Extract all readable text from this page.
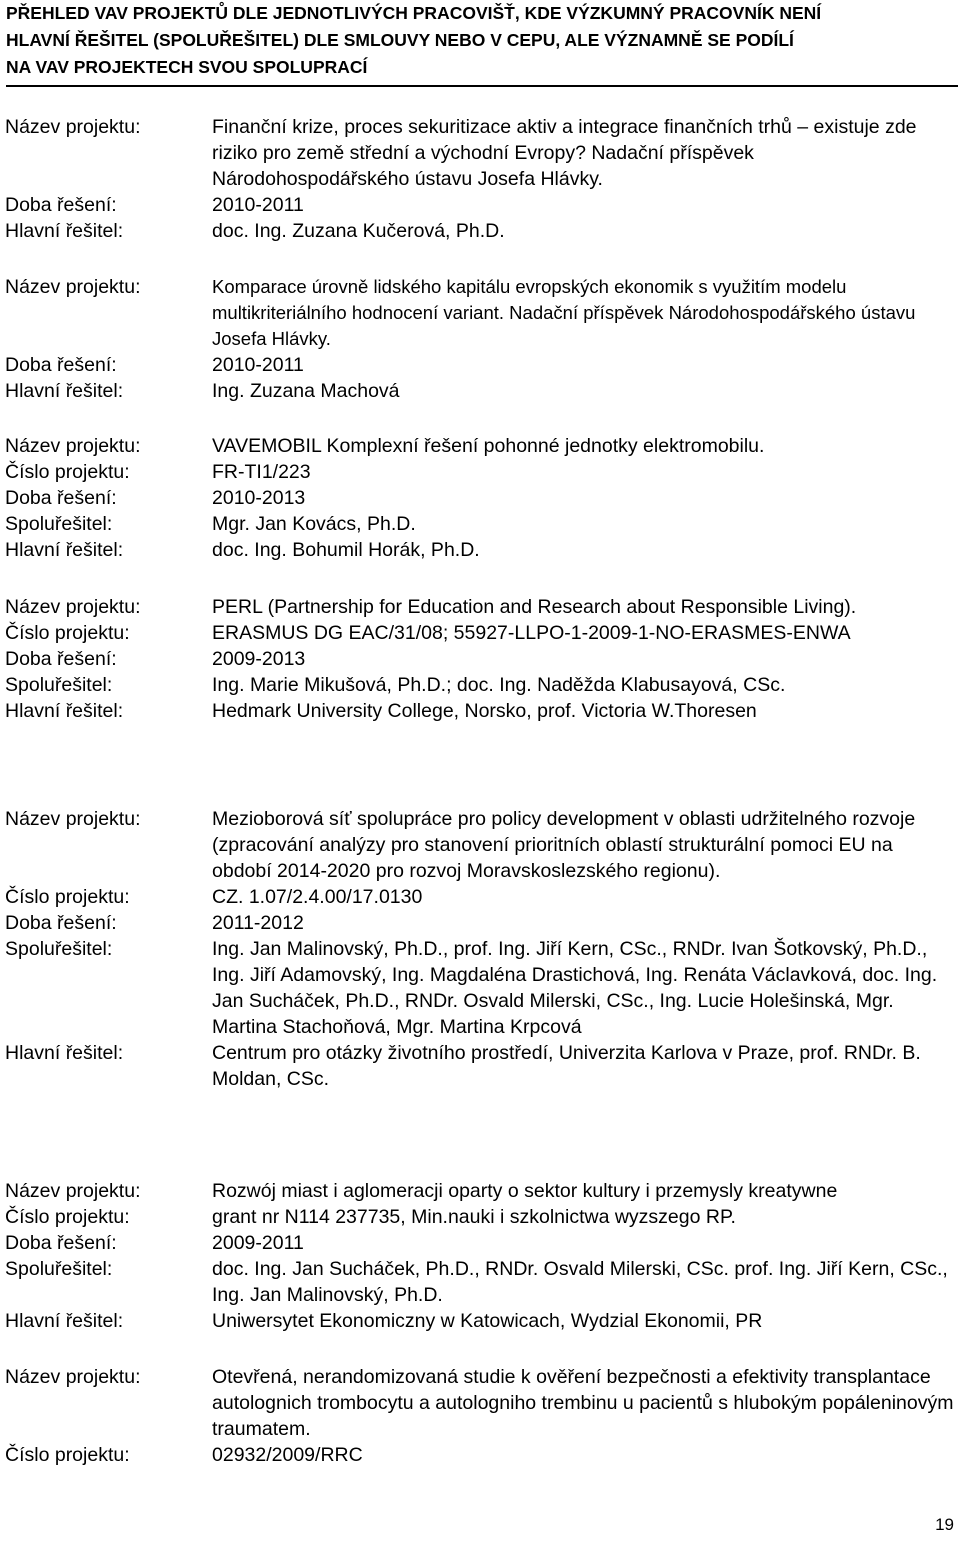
PŘEHLED VAV PROJEKTŮ DLE JEDNOTLIVÝCH PRACOVIŠŤ, KDE VÝZKUMNÝ PRACOVNÍK NENÍ
HLAVNÍ ŘEŠITEL (SPOLUŘEŠITEL) DLE SMLOUVY NEBO V CEPU, ALE VÝZNAMNĚ SE PODÍLÍ
NA VAV PROJEKTECH SVOU SPOLUPRACÍ
Název projektu:	Finanční krize, proces sekuritizace aktiv a integrace finančních trhů – existuje zde riziko pro země střední a východní Evropy? Nadační příspěvek Národohospodářského ústavu Josefa Hlávky.
Doba řešení:	2010-2011
Hlavní řešitel:	doc. Ing. Zuzana Kučerová, Ph.D.
Název projektu:	Komparace úrovně lidského kapitálu evropských ekonomik s využitím modelu multikriteriálního hodnocení variant. Nadační příspěvek Národohospodářského ústavu Josefa Hlávky.
Doba řešení:	2010-2011
Hlavní řešitel:	Ing. Zuzana Machová
Název projektu:	VAVEMOBIL Komplexní řešení pohonné jednotky elektromobilu.
Číslo projektu:	FR-TI1/223
Doba řešení:	2010-2013
Spoluřešitel:	Mgr. Jan Kovács, Ph.D.
Hlavní řešitel:	doc. Ing. Bohumil Horák, Ph.D.
Název projektu:	PERL (Partnership for Education and Research about Responsible Living).
Číslo projektu:	ERASMUS DG EAC/31/08; 55927-LLPO-1-2009-1-NO-ERASMES-ENWA
Doba řešení:	2009-2013
Spoluřešitel:	Ing. Marie Mikušová, Ph.D.; doc. Ing. Naděžda Klabusayová, CSc.
Hlavní řešitel:	Hedmark University College, Norsko, prof. Victoria W.Thoresen
Název projektu:	Mezioborová síť spolupráce pro policy development v oblasti udržitelného rozvoje (zpracování analýzy pro stanovení prioritních oblastí strukturální pomoci EU na období 2014-2020 pro rozvoj Moravskoslezského regionu).
Číslo projektu:	CZ. 1.07/2.4.00/17.0130
Doba řešení:	2011-2012
Spoluřešitel:	Ing. Jan Malinovský, Ph.D., prof. Ing. Jiří Kern, CSc., RNDr. Ivan Šotkovský, Ph.D., Ing. Jiří Adamovský, Ing. Magdaléna Drastichová, Ing. Renáta Václavková, doc. Ing. Jan Sucháček, Ph.D., RNDr. Osvald Milerski, CSc., Ing. Lucie Holešinská, Mgr. Martina Stachoňová, Mgr. Martina Krpcová
Hlavní řešitel:	Centrum pro otázky životního prostředí, Univerzita Karlova v Praze, prof. RNDr. B. Moldan, CSc.
Název projektu:	Rozwój miast i aglomeracji oparty o sektor kultury i przemysly kreatywne
Číslo projektu:	grant nr N114 237735, Min.nauki i szkolnictwa wyzszego RP.
Doba řešení:	2009-2011
Spoluřešitel:	doc. Ing. Jan Sucháček, Ph.D., RNDr. Osvald Milerski, CSc. prof. Ing. Jiří Kern, CSc., Ing. Jan Malinovský, Ph.D.
Hlavní řešitel:	Uniwersytet Ekonomiczny w Katowicach, Wydzial Ekonomii, PR
Název projektu:	Otevřená, nerandomizovaná studie k ověření bezpečnosti a efektivity transplantace autolognich trombocytu a autologniho trembinu u pacientů s hlubokým popáleninovým traumatem.
Číslo projektu:	02932/2009/RRC
19
